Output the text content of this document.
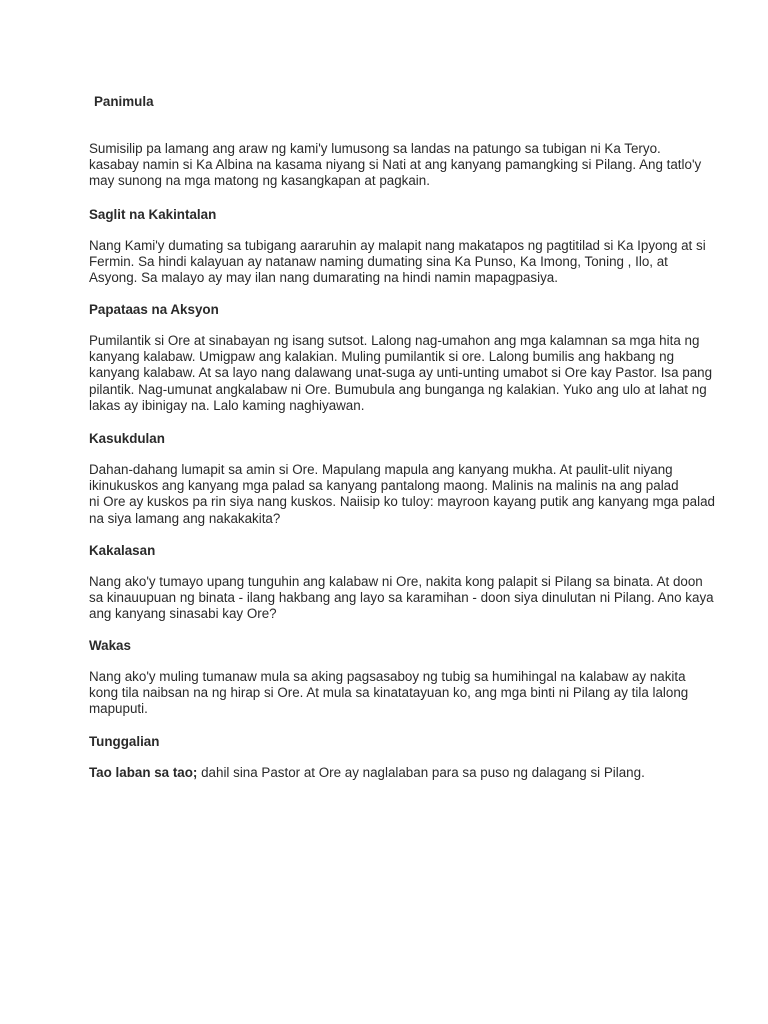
Panimula
Sumisilip pa lamang ang araw ng kami'y lumusong sa landas na patungo sa tubigan ni Ka Teryo.
kasabay namin si Ka Albina na kasama niyang si Nati at ang kanyang pamangking si Pilang. Ang tatlo'y
may sunong na mga matong ng kasangkapan at pagkain.
Saglit na Kakintalan
Nang Kami'y dumating sa tubigang aararuhin ay malapit nang makatapos ng pagtitilad si Ka Ipyong at si
Fermin. Sa hindi kalayuan ay natanaw naming dumating sina Ka Punso, Ka Imong, Toning , Ilo, at
Asyong. Sa malayo ay may ilan nang dumarating na hindi namin mapagpasiya.
Papataas na Aksyon
Pumilantik si Ore at sinabayan ng isang sutsot. Lalong nag-umahon ang mga kalamnan sa mga hita ng
kanyang kalabaw. Umigpaw ang kalakian. Muling pumilantik si ore. Lalong bumilis ang hakbang ng
kanyang kalabaw. At sa layo nang dalawang unat-suga ay unti-unting umabot si Ore kay Pastor. Isa pang
pilantik. Nag-umunat angkalabaw ni Ore. Bumubula ang bunganga ng kalakian. Yuko ang ulo at lahat ng
lakas ay ibinigay na. Lalo kaming naghiyawan.
Kasukdulan
Dahan-dahang lumapit sa amin si Ore. Mapulang mapula ang kanyang mukha. At paulit-ulit niyang
ikinukuskos ang kanyang mga palad sa kanyang pantalong maong. Malinis na malinis na ang palad
ni Ore ay kuskos pa rin siya nang kuskos. Naiisip ko tuloy: mayroon kayang putik ang kanyang mga palad
na siya lamang ang nakakakita?
Kakalasan
Nang ako'y tumayo upang tunguhin ang kalabaw ni Ore, nakita kong palapit si Pilang sa binata. At doon
sa kinauupuan ng binata - ilang hakbang ang layo sa karamihan - doon siya dinulutan ni Pilang. Ano kaya
ang kanyang sinasabi kay Ore?
Wakas
Nang ako'y muling tumanaw mula sa aking pagsasaboy ng tubig sa humihingal na kalabaw ay nakita
kong tila naibsan na ng hirap si Ore. At mula sa kinatatayuan ko, ang mga binti ni Pilang ay tila lalong
mapuputi.
Tunggalian
Tao laban sa tao; dahil sina Pastor at Ore ay naglalaban para sa puso ng dalagang si Pilang.
